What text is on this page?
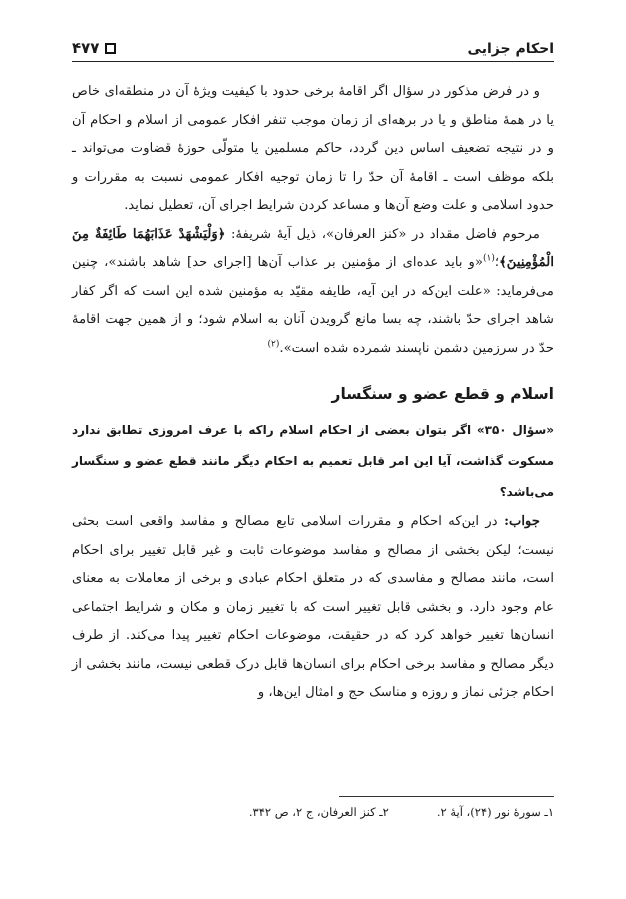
احکام جزایی
۴۷۷

و در فرض مذکور در سؤال اگر اقامهٔ برخی حدود با کیفیت ویژهٔ آن در منطقه‌ای خاص یا در همهٔ مناطق و یا در برهه‌ای از زمان موجب تنفر افکار عمومی از اسلام و احکام آن و در نتیجه تضعیف اساس دین گردد، حاکم مسلمین یا متولّی حوزهٔ قضاوت می‌تواند ـ بلکه موظف است ـ اقامهٔ آن حدّ را تا زمان توجیه افکار عمومی نسبت به مقررات و حدود اسلامی و علت وضع آن‌ها و مساعد کردن شرایط اجرای آن، تعطیل نماید.

مرحوم فاضل مقداد در «کنز العرفان»، ذیل آیهٔ شریفهٔ: ﴿وَلْيَشْهَدْ عَذَابَهُمَا طَائِفَةٌ مِنَ الْمُؤْمِنِينَ﴾؛$^{(۱)}$«و باید عده‌ای از مؤمنین بر عذاب آن‌ها [اجرای حد] شاهد باشند»، چنین می‌فرماید: «علت این‌که در این آیه، طایفه مقیّد به مؤمنین شده این است که اگر کفار شاهد اجرای حدّ باشند، چه بسا مانع گرویدن آنان به اسلام شود؛ و از همین جهت اقامهٔ حدّ در سرزمین دشمن ناپسند شمرده شده است».$^{(۲)}$

اسلام و قطع عضو و سنگسار

«سؤال ۳۵۰» اگر بتوان بعضی از احکام اسلام راکه با عرف امروزی تطابق ندارد مسکوت گذاشت، آیا این امر قابل تعمیم به احکام دیگر مانند قطع عضو و سنگسار می‌باشد؟

جواب: در این‌که احکام و مقررات اسلامی تابع مصالح و مفاسد واقعی است بحثی نیست؛ لیکن بخشی از مصالح و مفاسد موضوعات ثابت و غیر قابل تغییر برای احکام است، مانند مصالح و مفاسدی که در متعلق احکام عبادی و برخی از معاملات به معنای عام وجود دارد. و بخشی قابل تغییر است که با تغییر زمان و مکان و شرایط اجتماعی انسان‌ها تغییر خواهد کرد که در حقیقت، موضوعات احکام تغییر پیدا می‌کند. از طرف دیگر مصالح و مفاسد برخی احکام برای انسان‌ها قابل درک قطعی نیست، مانند بخشی از احکام جزئی نماز و روزه و مناسک حج و امثال این‌ها، و

۱ـ سورهٔ نور (۲۴)، آیهٔ ۲.
۲ـ کنز العرفان، ج ۲، ص ۳۴۲.
